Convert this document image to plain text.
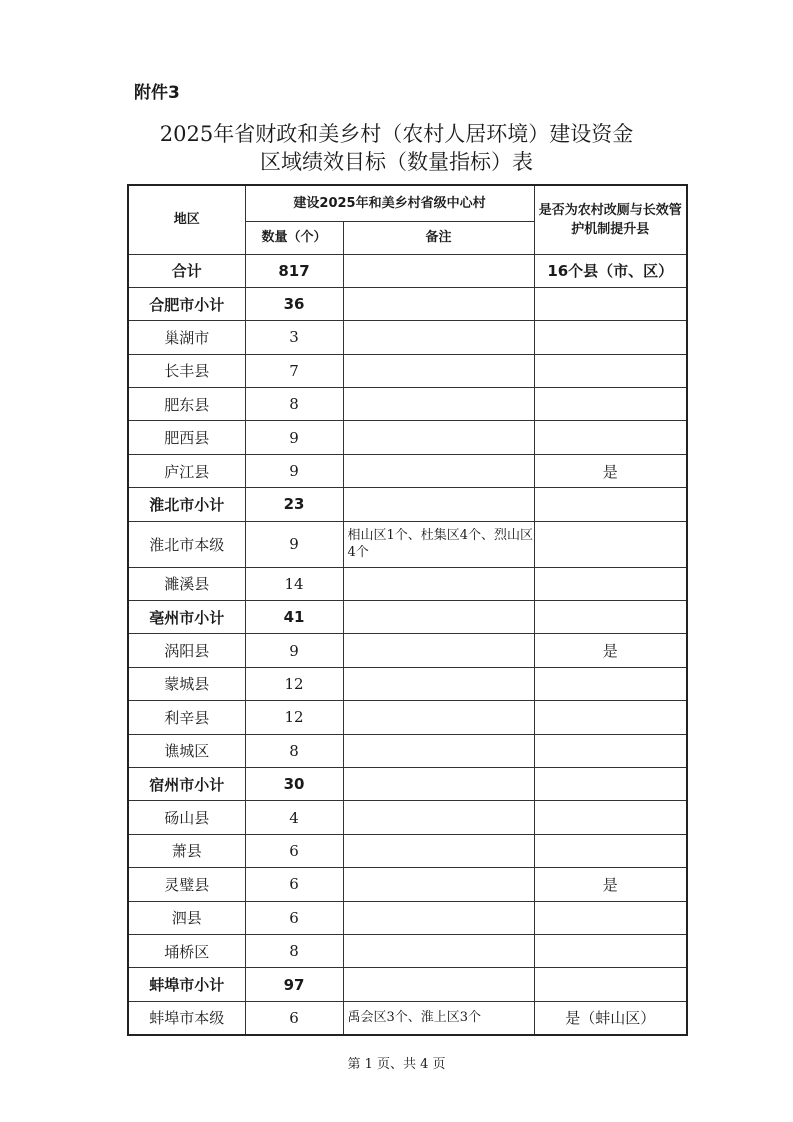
附件3
2025年省财政和美乡村（农村人居环境）建设资金
区域绩效目标（数量指标）表
地区	建设2025年和美乡村省级中心村		是否为农村改厕与长效管护机制提升县
	数量（个）	备注	
合计	817		16个县（市、区）
合肥市小计	36		
巢湖市	3		
长丰县	7		
肥东县	8		
肥西县	9		
庐江县	9		是
淮北市小计	23		
淮北市本级	9	相山区1个、杜集区4个、烈山区4个	
濉溪县	14		
亳州市小计	41		
涡阳县	9		是
蒙城县	12		
利辛县	12		
谯城区	8		
宿州市小计	30		
砀山县	4		
萧县	6		
灵璧县	6		是
泗县	6		
埇桥区	8		
蚌埠市小计	97		
蚌埠市本级	6	禹会区3个、淮上区3个	是（蚌山区）
第 1 页、共 4 页
